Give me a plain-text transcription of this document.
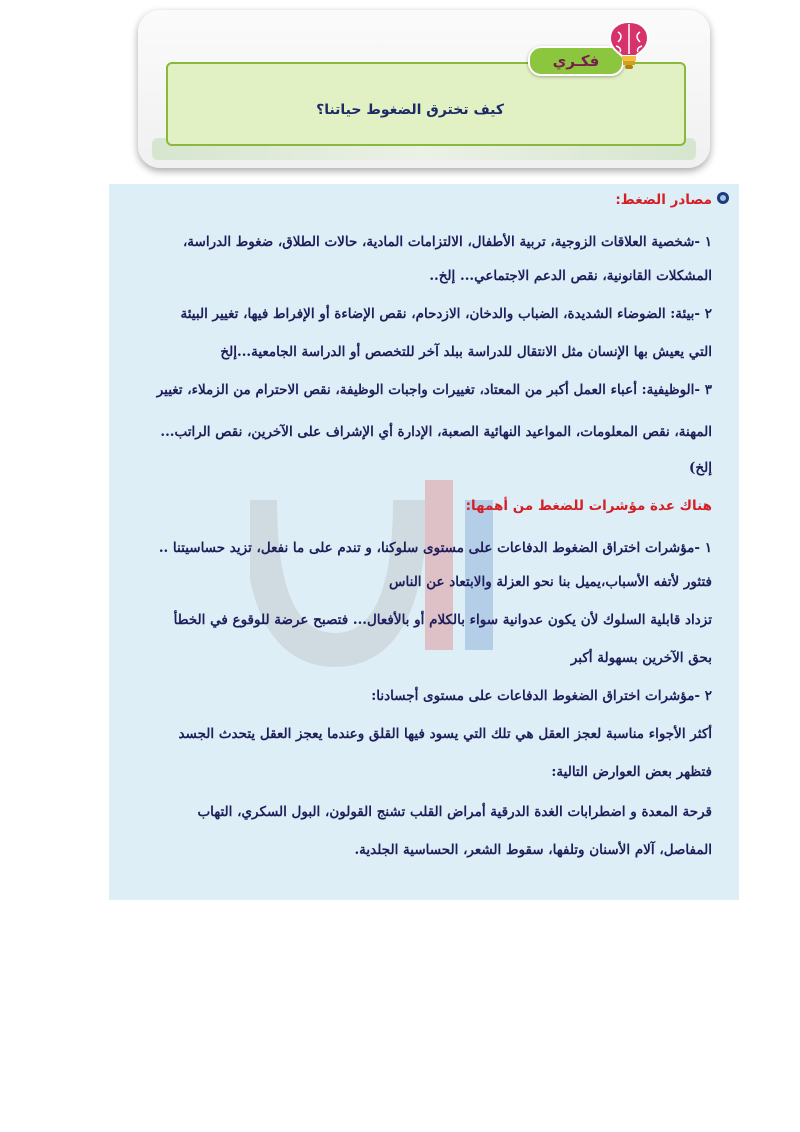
كيف تخترق الضغوط حياتنا؟
فكـري
مصادر الضغط:
١ -شخصية العلاقات الزوجية، تربية الأطفال، الالتزامات المادية، حالات الطلاق، ضغوط الدراسة،
المشكلات القانونية، نقص الدعم الاجتماعي... إلخ..
٢ -بيئة: الضوضاء الشديدة، الضباب والدخان، الازدحام، نقص الإضاءة أو الإفراط فيها، تغيير البيئة
التي يعيش بها الإنسان مثل الانتقال للدراسة ببلد آخر للتخصص أو الدراسة الجامعية...إلخ
٣ -الوظيفية: أعباء العمل أكبر من المعتاد، تغييرات واجبات الوظيفة، نقص الاحترام من الزملاء، تغيير
المهنة، نقص المعلومات، المواعيد النهائية الصعبة، الإدارة أي الإشراف على الآخرين، نقص الراتب...
إلخ)
هناك عدة مؤشرات للضغط من أهمها:
١ -مؤشرات اختراق الضغوط الدفاعات على مستوى سلوكنا، و تندم على ما نفعل، تزيد حساسيتنا ..
فتثور لأتفه الأسباب،يميل بنا نحو العزلة والابتعاد عن الناس
تزداد قابلية السلوك لأن يكون عدوانية سواء بالكلام أو بالأفعال... فتصبح عرضة للوقوع في الخطأ
بحق الآخرين بسهولة أكبر
٢ -مؤشرات اختراق الضغوط الدفاعات على مستوى أجسادنا:
أكثر الأجواء مناسبة لعجز العقل هي تلك التي يسود فيها القلق وعندما يعجز العقل يتحدث الجسد
فتظهر بعض العوارض التالية:
قرحة المعدة و اضطرابات الغدة الدرقية أمراض القلب تشنج القولون، البول السكري، التهاب
المفاصل، آلام الأسنان وتلفها، سقوط الشعر، الحساسية الجلدية.
